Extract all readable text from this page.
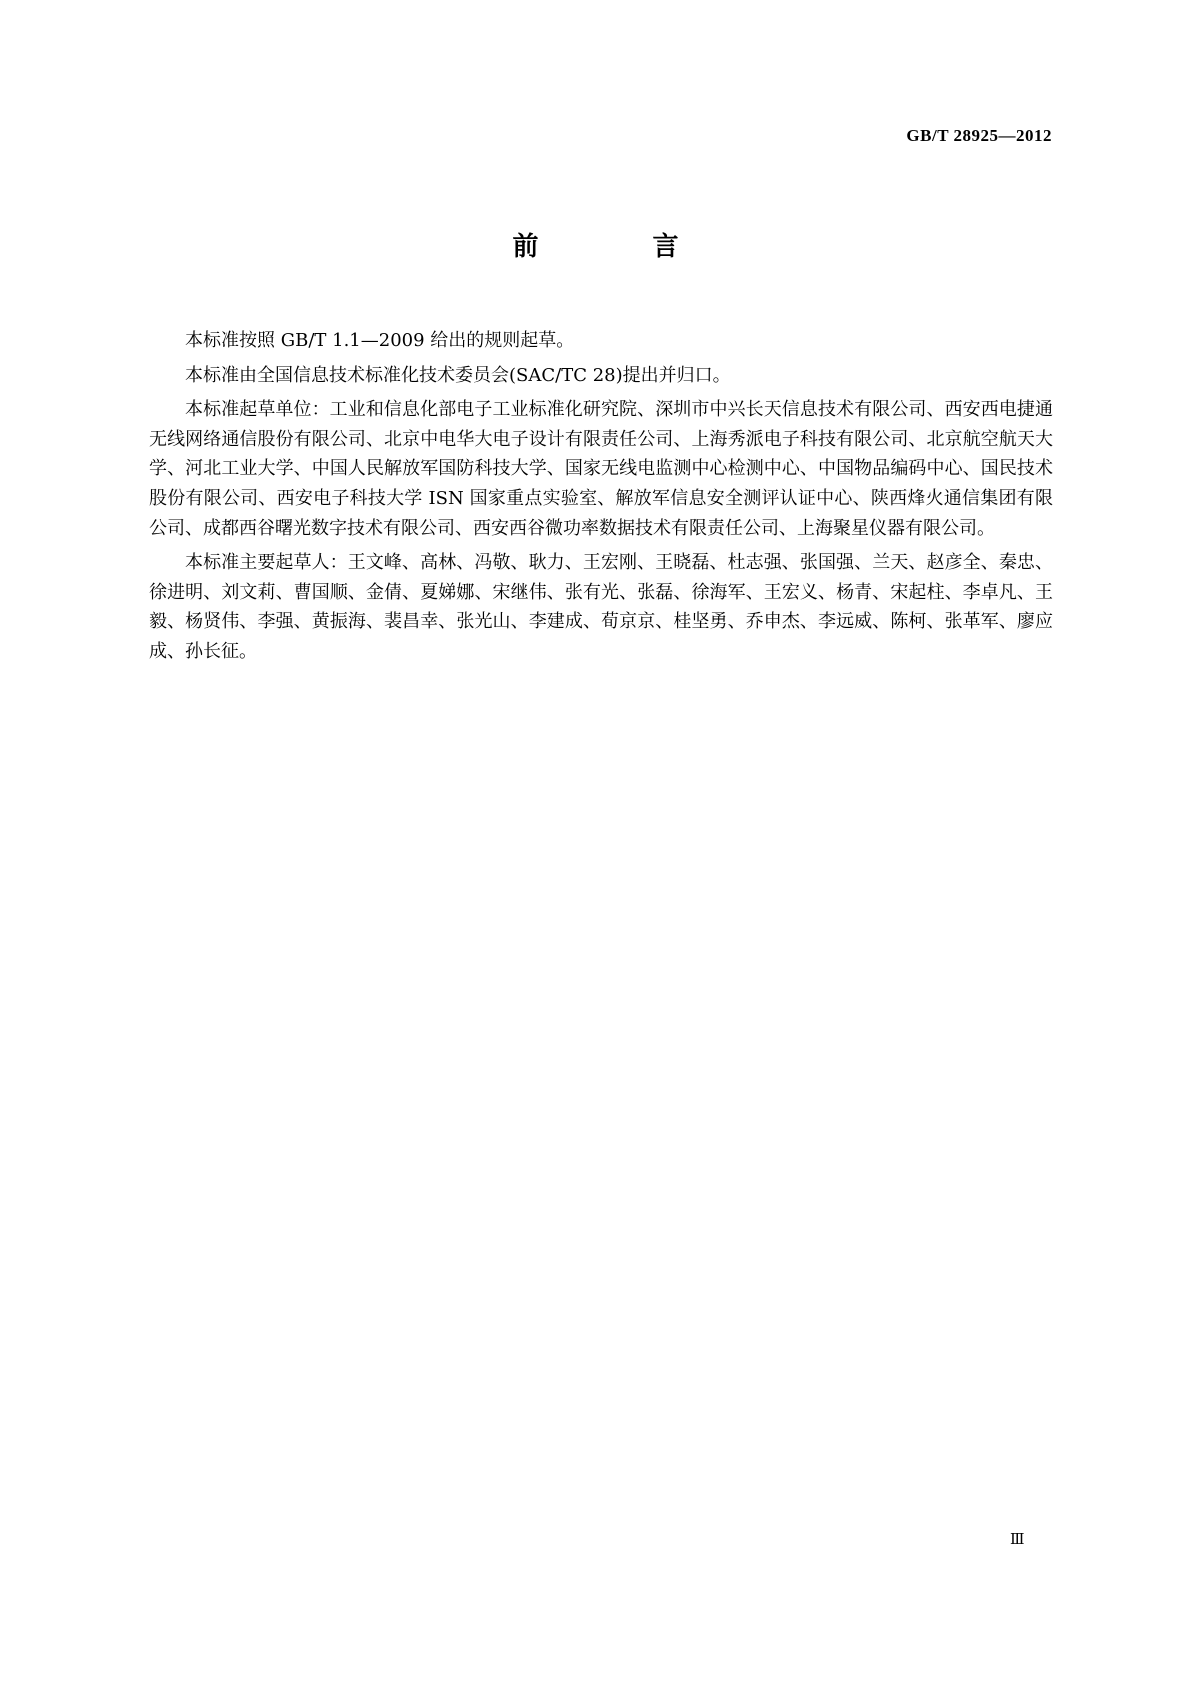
GB/T 28925—2012
前　言

本标准按照 GB/T 1.1—2009 给出的规则起草。

本标准由全国信息技术标准化技术委员会(SAC/TC 28)提出并归口。

本标准起草单位：工业和信息化部电子工业标准化研究院、深圳市中兴长天信息技术有限公司、西安西电捷通无线网络通信股份有限公司、北京中电华大电子设计有限责任公司、上海秀派电子科技有限公司、北京航空航天大学、河北工业大学、中国人民解放军国防科技大学、国家无线电监测中心检测中心、中国物品编码中心、国民技术股份有限公司、西安电子科技大学 ISN 国家重点实验室、解放军信息安全测评认证中心、陕西烽火通信集团有限公司、成都西谷曙光数字技术有限公司、西安西谷微功率数据技术有限责任公司、上海聚星仪器有限公司。

本标准主要起草人：王文峰、高林、冯敬、耿力、王宏刚、王晓磊、杜志强、张国强、兰天、赵彦全、秦忠、徐进明、刘文莉、曹国顺、金倩、夏娣娜、宋继伟、张有光、张磊、徐海军、王宏义、杨青、宋起柱、李卓凡、王毅、杨贤伟、李强、黄振海、裴昌幸、张光山、李建成、荀京京、桂坚勇、乔申杰、李远威、陈柯、张革军、廖应成、孙长征。

Ⅲ
